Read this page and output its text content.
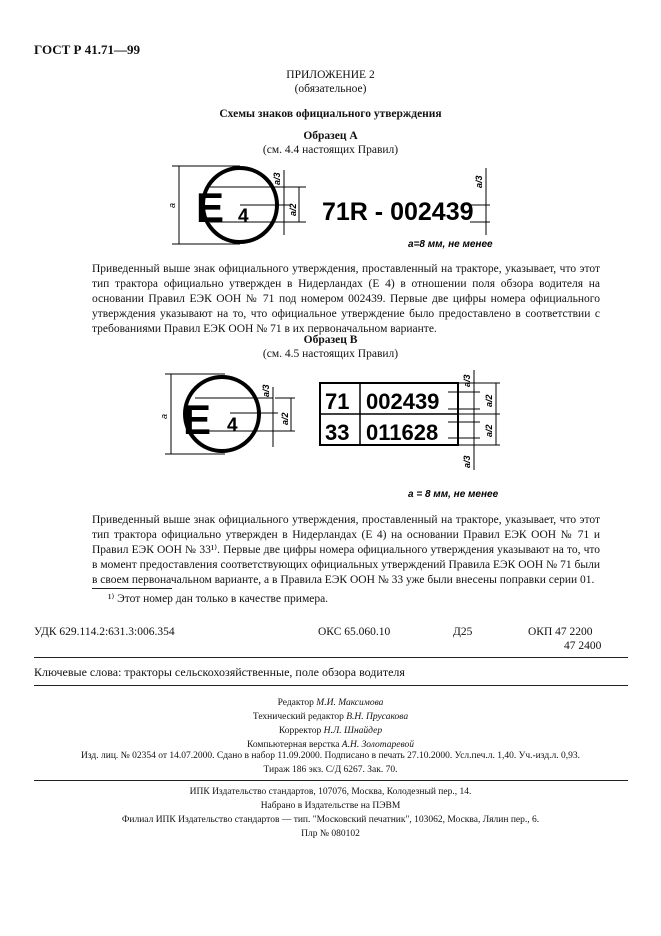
ГОСТ Р 41.71—99
ПРИЛОЖЕНИЕ 2
(обязательное)
Схемы знаков официального утверждения
Образец А
(см. 4.4 настоящих Правил)
E 4	71R - 002439
a
a/3
a/2
a/3
a=8 мм, не менее

Приведенный выше знак официального утверждения, проставленный на тракторе, указывает, что этот тип трактора официально утвержден в Нидерландах (Е 4) в отношении поля обзора водителя на основании Правил ЕЭК ООН № 71 под номером 002439. Первые две цифры номера официального утверждения указывают на то, что официальное утверждение было предоставлено в соответствии с требованиями Правил ЕЭК ООН № 71 в их первоначальном варианте.

Образец В
(см. 4.5 настоящих Правил)
E 4
71 002439
33 011628
a
a/3
a/2
a/3
a/2
a/2
a/3
a = 8 мм, не менее

Приведенный выше знак официального утверждения, проставленный на тракторе, указывает, что этот тип трактора официально утвержден в Нидерландах (Е 4) на основании Правил ЕЭК ООН № 71 и Правил ЕЭК ООН № 33¹⁾. Первые две цифры номера официального утверждения указывают на то, что в момент предоставления соответствующих официальных утверждений Правила ЕЭК ООН № 71 были в своем первоначальном варианте, а в Правила ЕЭК ООН № 33 уже были внесены поправки серии 01.

¹⁾ Этот номер дан только в качестве примера.
УДК 629.114.2:631.3:006.354	ОКС 65.060.10	Д25	ОКП 47 2200
47 2400
Ключевые слова: тракторы сельскохозяйственные, поле обзора водителя
Редактор М.И. Максимова
Технический редактор В.Н. Прусакова
Корректор Н.Л. Шнайдер
Компьютерная верстка А.Н. Золотаревой
Изд. лиц. № 02354 от 14.07.2000. Сдано в набор 11.09.2000. Подписано в печать 27.10.2000. Усл.печ.л. 1,40. Уч.-изд.л. 0,93.
Тираж 186 экз. С/Д 6267. Зак. 70.
ИПК Издательство стандартов, 107076, Москва, Колодезный пер., 14.
Набрано в Издательстве на ПЭВМ
Филиал ИПК Издательство стандартов — тип. "Московский печатник", 103062, Москва, Лялин пер., 6.
Плр № 080102
